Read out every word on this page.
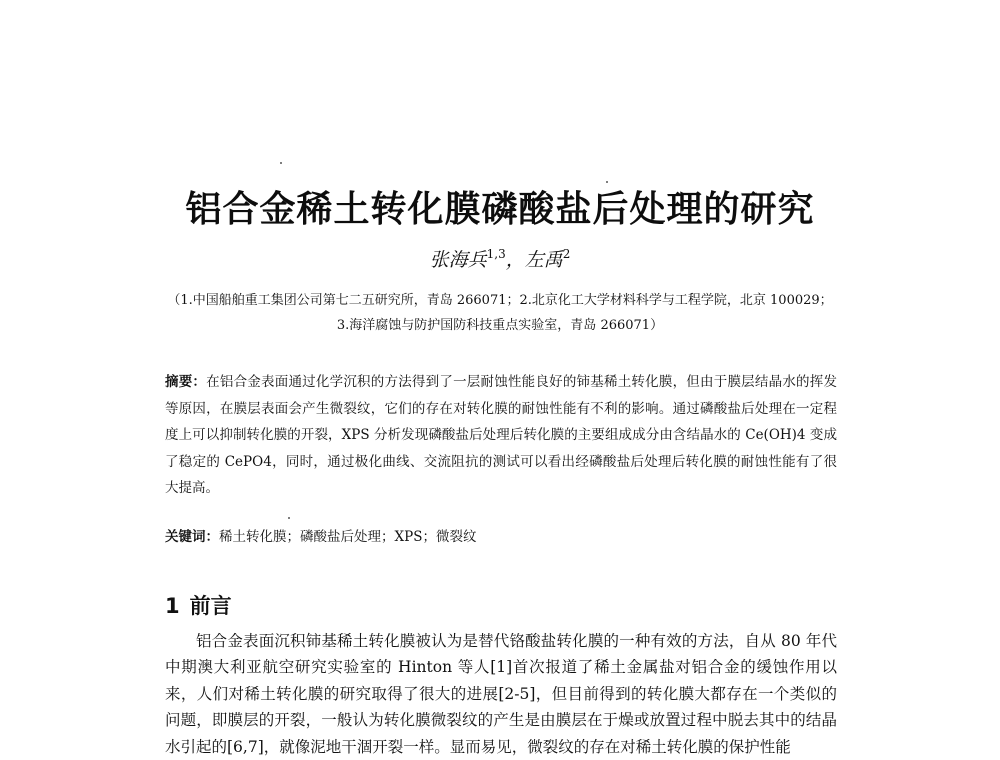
铝合金稀土转化膜磷酸盐后处理的研究
张海兵$^{1,3}$，左禹$^2$
（1.中国船舶重工集团公司第七二五研究所，青岛 266071；2.北京化工大学材料科学与工程学院，北京 100029；
3.海洋腐蚀与防护国防科技重点实验室，青岛 266071）

摘要：在铝合金表面通过化学沉积的方法得到了一层耐蚀性能良好的铈基稀土转化膜，但由于膜层结晶水的挥发等原因，在膜层表面会产生微裂纹，它们的存在对转化膜的耐蚀性能有不利的影响。通过磷酸盐后处理在一定程度上可以抑制转化膜的开裂，XPS 分析发现磷酸盐后处理后转化膜的主要组成成分由含结晶水的 Ce(OH)4 变成了稳定的 CePO4，同时，通过极化曲线、交流阻抗的测试可以看出经磷酸盐后处理后转化膜的耐蚀性能有了很大提高。

关键词：稀土转化膜；磷酸盐后处理；XPS；微裂纹
1 前言

铝合金表面沉积铈基稀土转化膜被认为是替代铬酸盐转化膜的一种有效的方法，自从 80 年代中期澳大利亚航空研究实验室的 Hinton 等人[1]首次报道了稀土金属盐对铝合金的缓蚀作用以来，人们对稀土转化膜的研究取得了很大的进展[2-5]，但目前得到的转化膜大都存在一个类似的问题，即膜层的开裂，一般认为转化膜微裂纹的产生是由膜层在于燥或放置过程中脱去其中的结晶水引起的[6,7]，就像泥地干涸开裂一样。显而易见，微裂纹的存在对稀土转化膜的保护性能
